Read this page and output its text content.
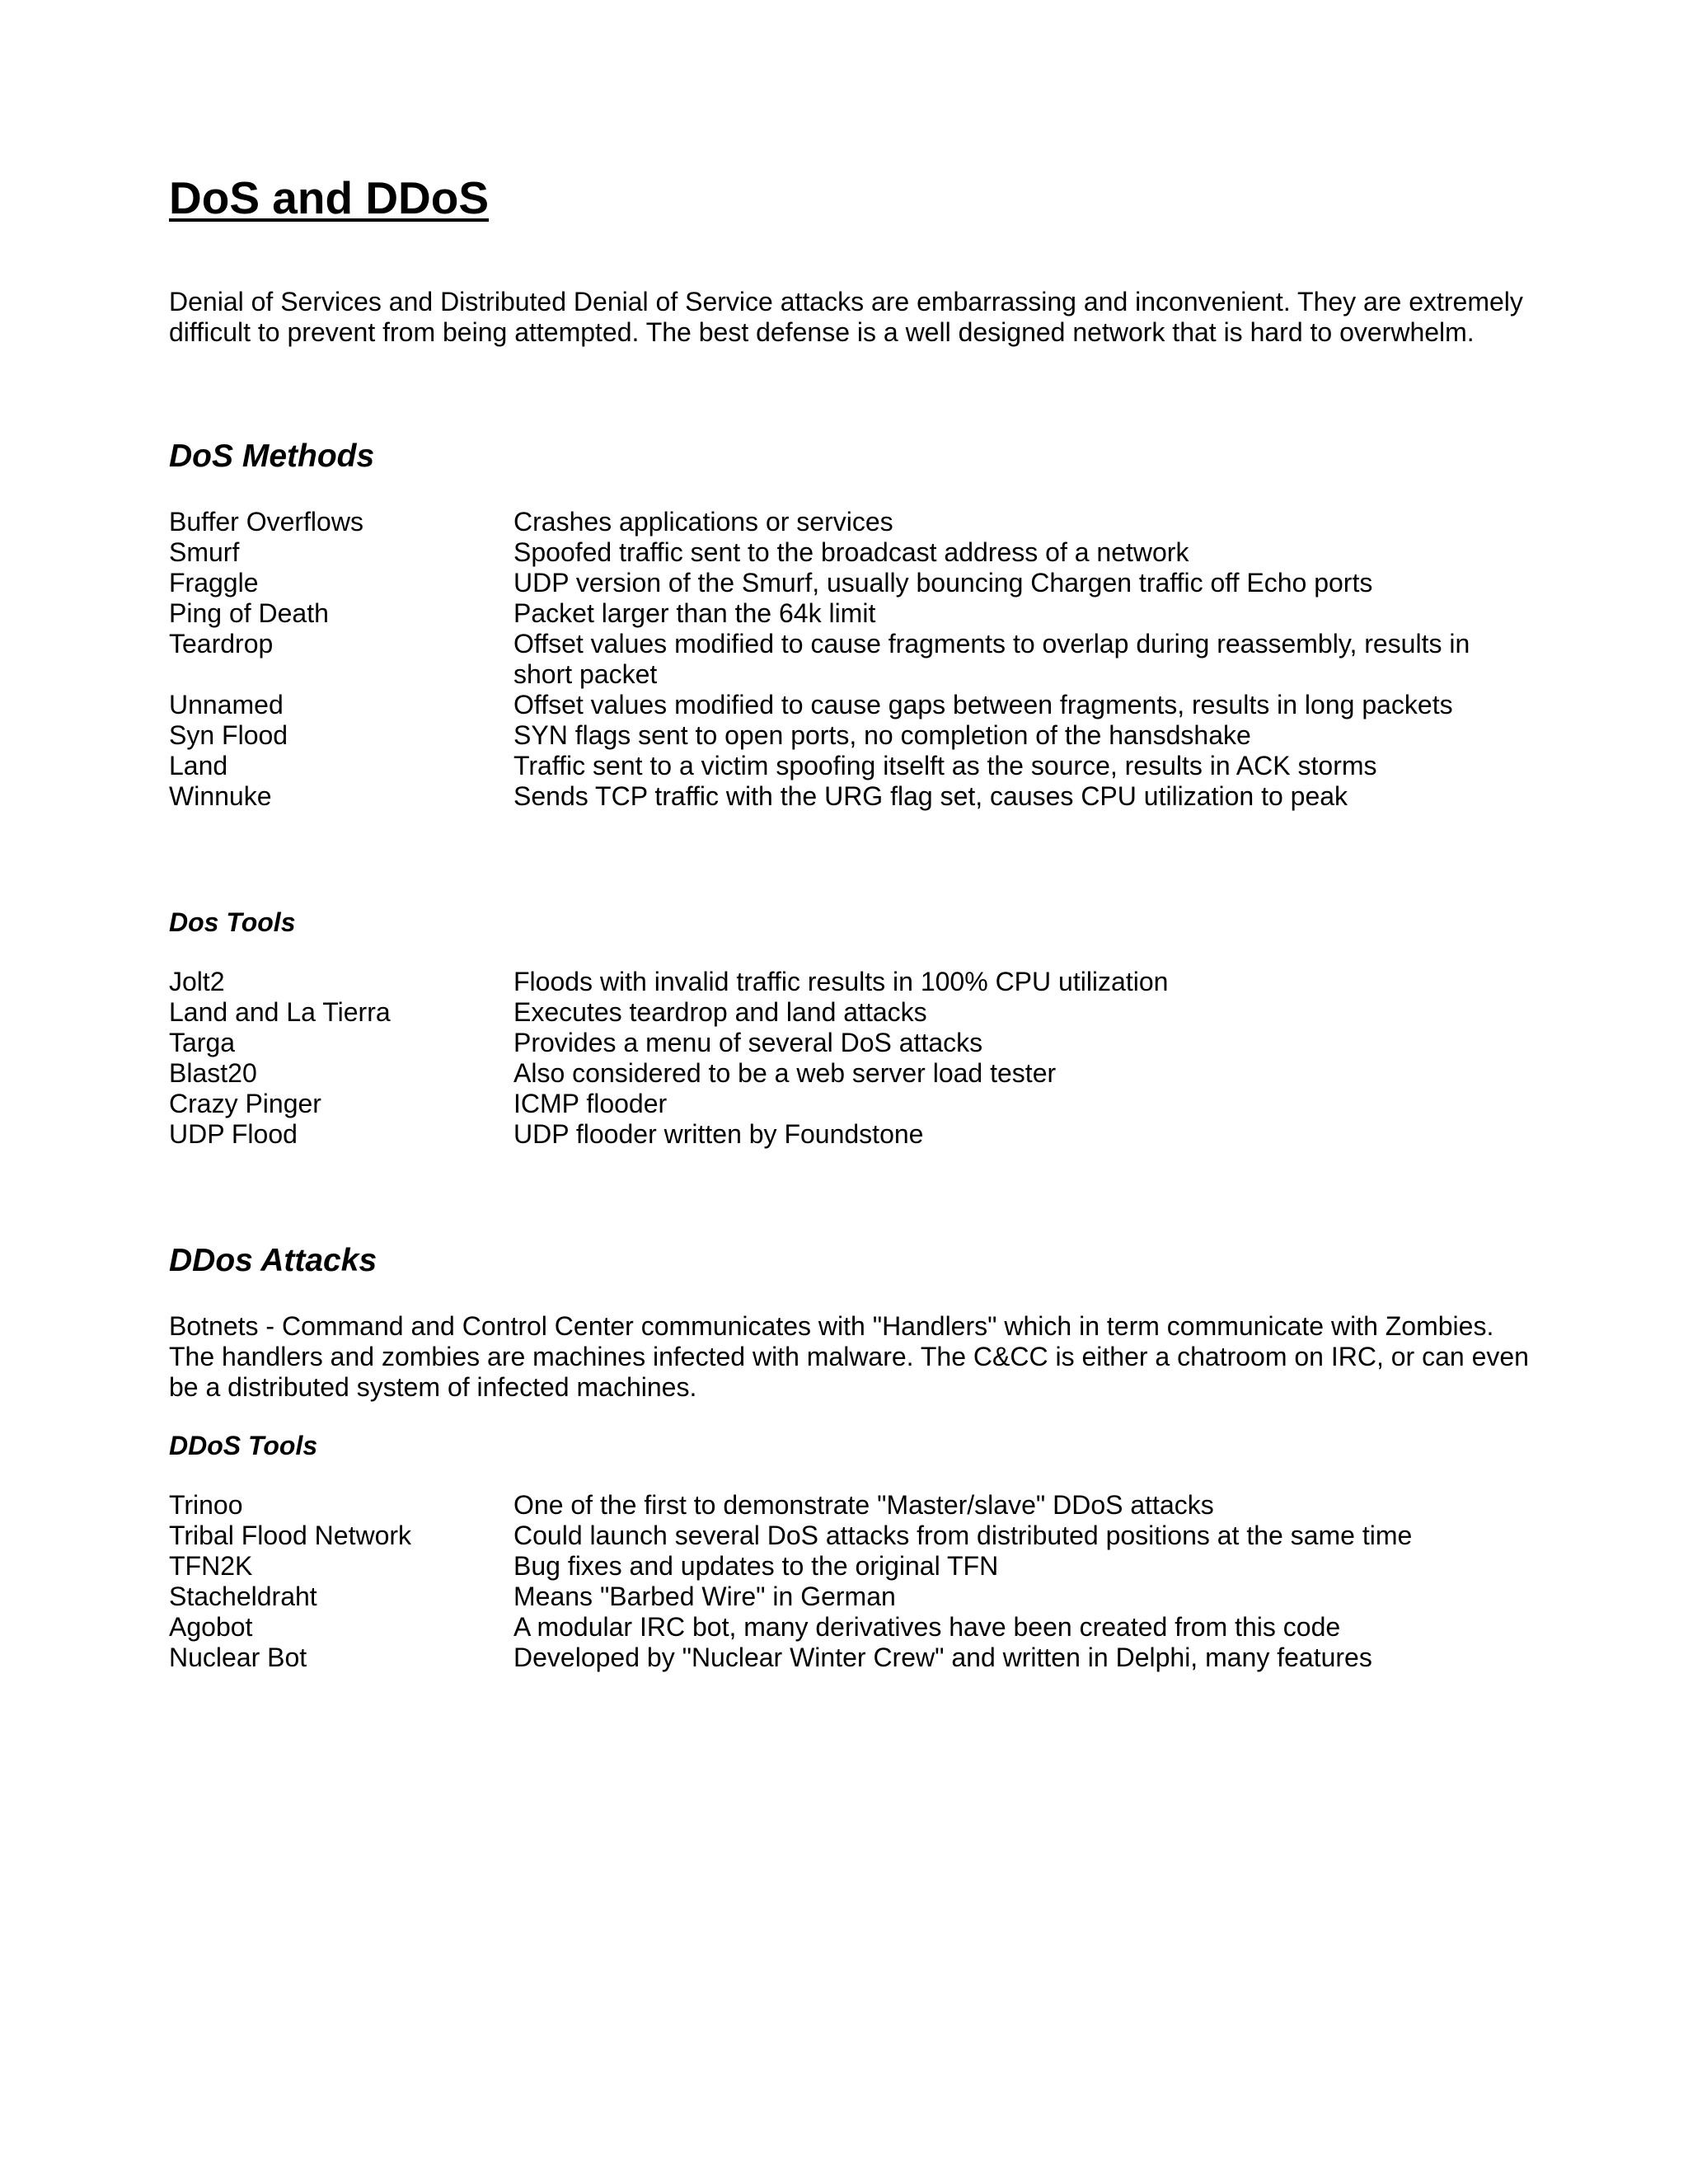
DoS and DDoS

Denial of Services and Distributed Denial of Service attacks are embarrassing and inconvenient. They are extremely difficult to prevent from being attempted. The best defense is a well designed network that is hard to overwhelm.

DoS Methods
Buffer Overflows	Crashes applications or services
Smurf	Spoofed traffic sent to the broadcast address of a network
Fraggle	UDP version of the Smurf, usually bouncing Chargen traffic off Echo ports
Ping of Death	Packet larger than the 64k limit
Teardrop	Offset values modified to cause fragments to overlap during reassembly, results in short packet
Unnamed	Offset values modified to cause gaps between fragments, results in long packets
Syn Flood	SYN flags sent to open ports, no completion of the hansdshake
Land	Traffic sent to a victim spoofing itselft as the source, results in ACK storms
Winnuke	Sends TCP traffic with the URG flag set, causes CPU utilization to peak
Dos Tools
Jolt2	Floods with invalid traffic results in 100% CPU utilization
Land and La Tierra	Executes teardrop and land attacks
Targa	Provides a menu of several DoS attacks
Blast20	Also considered to be a web server load tester
Crazy Pinger	ICMP flooder
UDP Flood	UDP flooder written by Foundstone
DDos Attacks

Botnets - Command and Control Center communicates with "Handlers" which in term communicate with Zombies. The handlers and zombies are machines infected with malware. The C&CC is either a chatroom on IRC, or can even be a distributed system of infected machines.

DDoS Tools
Trinoo	One of the first to demonstrate "Master/slave" DDoS attacks
Tribal Flood Network	Could launch several DoS attacks from distributed positions at the same time
TFN2K	Bug fixes and updates to the original TFN
Stacheldraht	Means "Barbed Wire" in German
Agobot	A modular IRC bot, many derivatives have been created from this code
Nuclear Bot	Developed by "Nuclear Winter Crew" and written in Delphi, many features
